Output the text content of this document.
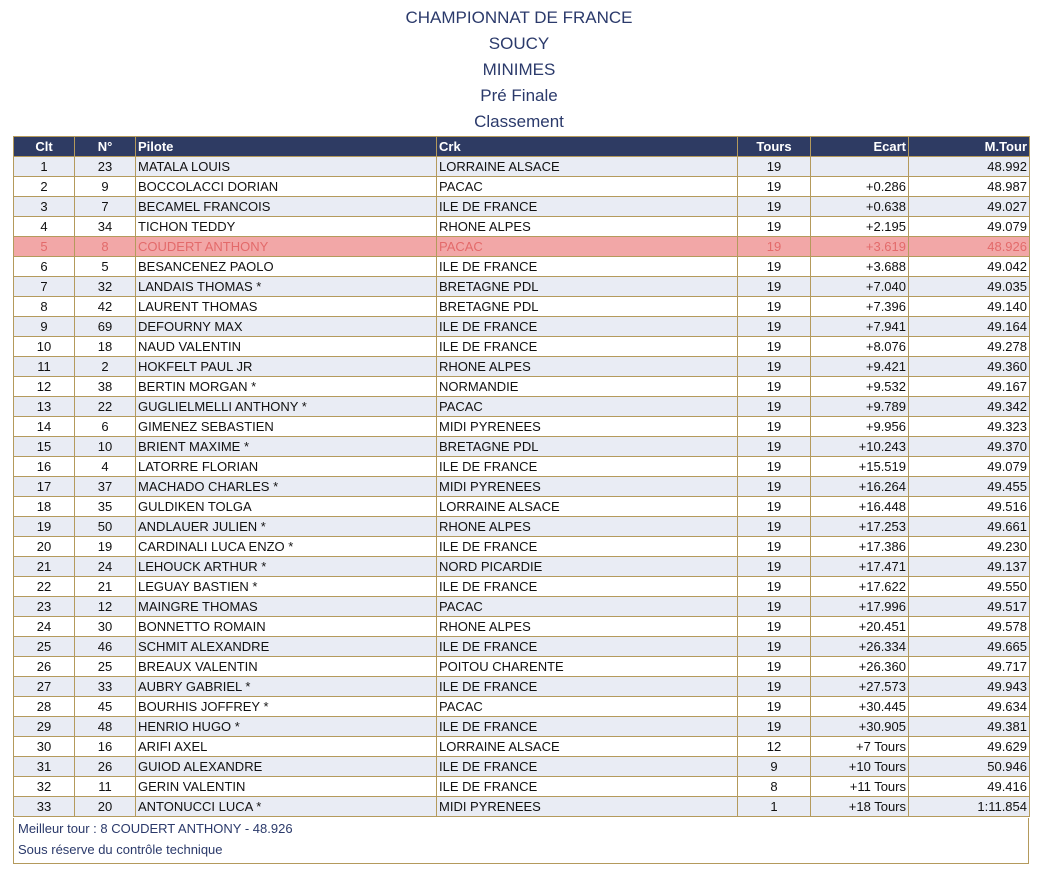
CHAMPIONNAT DE FRANCE
SOUCY
MINIMES
Pré Finale
Classement
Clt	N°	Pilote	Crk	Tours	Ecart	M.Tour
1	23	MATALA LOUIS	LORRAINE ALSACE	19		48.992
2	9	BOCCOLACCI DORIAN	PACAC	19	+0.286	48.987
3	7	BECAMEL FRANCOIS	ILE DE FRANCE	19	+0.638	49.027
4	34	TICHON TEDDY	RHONE ALPES	19	+2.195	49.079
5	8	COUDERT ANTHONY	PACAC	19	+3.619	48.926
6	5	BESANCENEZ PAOLO	ILE DE FRANCE	19	+3.688	49.042
7	32	LANDAIS THOMAS *	BRETAGNE PDL	19	+7.040	49.035
8	42	LAURENT THOMAS	BRETAGNE PDL	19	+7.396	49.140
9	69	DEFOURNY MAX	ILE DE FRANCE	19	+7.941	49.164
10	18	NAUD VALENTIN	ILE DE FRANCE	19	+8.076	49.278
11	2	HOKFELT PAUL JR	RHONE ALPES	19	+9.421	49.360
12	38	BERTIN MORGAN *	NORMANDIE	19	+9.532	49.167
13	22	GUGLIELMELLI ANTHONY *	PACAC	19	+9.789	49.342
14	6	GIMENEZ SEBASTIEN	MIDI PYRENEES	19	+9.956	49.323
15	10	BRIENT MAXIME *	BRETAGNE PDL	19	+10.243	49.370
16	4	LATORRE FLORIAN	ILE DE FRANCE	19	+15.519	49.079
17	37	MACHADO CHARLES *	MIDI PYRENEES	19	+16.264	49.455
18	35	GULDIKEN TOLGA	LORRAINE ALSACE	19	+16.448	49.516
19	50	ANDLAUER JULIEN *	RHONE ALPES	19	+17.253	49.661
20	19	CARDINALI LUCA ENZO *	ILE DE FRANCE	19	+17.386	49.230
21	24	LEHOUCK ARTHUR *	NORD PICARDIE	19	+17.471	49.137
22	21	LEGUAY BASTIEN *	ILE DE FRANCE	19	+17.622	49.550
23	12	MAINGRE THOMAS	PACAC	19	+17.996	49.517
24	30	BONNETTO ROMAIN	RHONE ALPES	19	+20.451	49.578
25	46	SCHMIT ALEXANDRE	ILE DE FRANCE	19	+26.334	49.665
26	25	BREAUX VALENTIN	POITOU CHARENTE	19	+26.360	49.717
27	33	AUBRY GABRIEL *	ILE DE FRANCE	19	+27.573	49.943
28	45	BOURHIS JOFFREY *	PACAC	19	+30.445	49.634
29	48	HENRIO HUGO *	ILE DE FRANCE	19	+30.905	49.381
30	16	ARIFI AXEL	LORRAINE ALSACE	12	+7 Tours	49.629
31	26	GUIOD ALEXANDRE	ILE DE FRANCE	9	+10 Tours	50.946
32	11	GERIN VALENTIN	ILE DE FRANCE	8	+11 Tours	49.416
33	20	ANTONUCCI LUCA *	MIDI PYRENEES	1	+18 Tours	1:11.854
Meilleur tour : 8 COUDERT ANTHONY - 48.926
Sous réserve du contrôle technique
